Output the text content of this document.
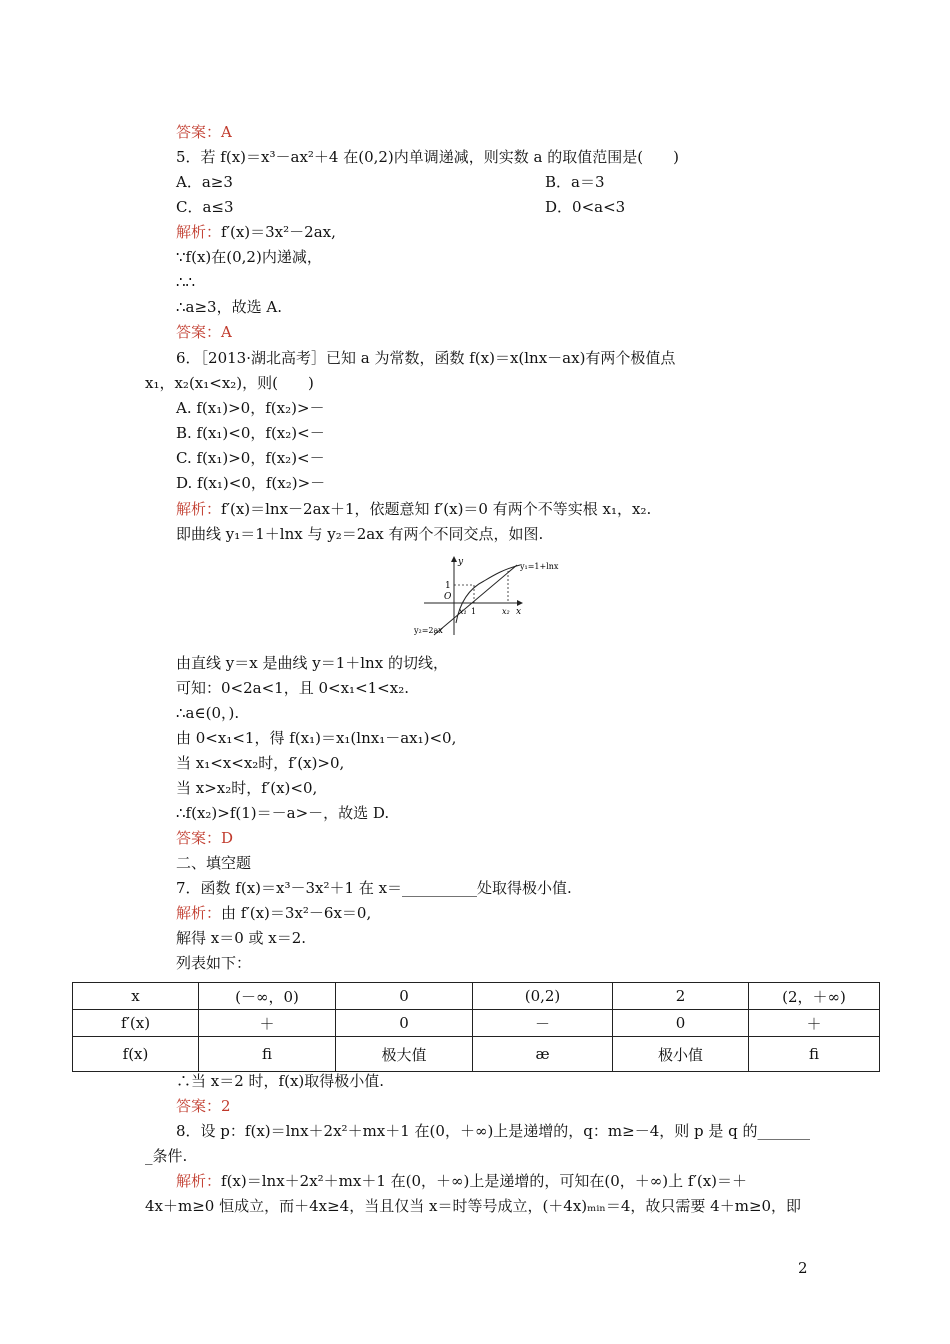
答案：A
5．若 f(x)＝x³－ax²＋4 在(0,2)内单调递减，则实数 a 的取值范围是(　　)
A．a≥3	B．a＝3
C．a≤3	D．0<a<3
解析：f′(x)＝3x²－2ax,
∵f(x)在(0,2)内递减，
∴∴
∴a≥3，故选 A.
答案：A
6．［2013·湖北高考］已知 a 为常数，函数 f(x)＝x(lnx－ax)有两个极值点
x₁，x₂(x₁<x₂)，则(　　)
A. f(x₁)>0，f(x₂)>－
B. f(x₁)<0，f(x₂)<－
C. f(x₁)>0，f(x₂)<－
D. f(x₁)<0，f(x₂)>－
解析：f′(x)＝lnx－2ax＋1，依题意知 f′(x)＝0 有两个不等实根 x₁，x₂.
即曲线 y₁＝1＋lnx 与 y₂＝2ax 有两个不同交点，如图.
y
x
O
1
x₁ 1	x₂
y₁=1+lnx
y₂=2ax
由直线 y＝x 是曲线 y＝1＋lnx 的切线，
可知：0<2a<1，且 0<x₁<1<x₂.
∴a∈(0，).
由 0<x₁<1，得 f(x₁)＝x₁(lnx₁－ax₁)<0,
当 x₁<x<x₂时，f′(x)>0,
当 x>x₂时，f′(x)<0,
∴f(x₂)>f(1)＝－a>－，故选 D.
答案：D
二、填空题
7．函数 f(x)＝x³－3x²＋1 在 x＝__________处取得极小值.
解析：由 f′(x)＝3x²－6x＝0,
解得 x＝0 或 x＝2.
列表如下：
x	(－∞，0)	0	(0,2)	2	(2，＋∞)
f′(x)	＋	0	－	0	＋
f(x)	ﬁ	极大值	æ	极小值	ﬁ
∴当 x＝2 时，f(x)取得极小值.
答案：2
8．设 p：f(x)＝lnx＋2x²＋mx＋1 在(0，＋∞)上是递增的，q：m≥－4，则 p 是 q 的_______
_条件.
解析：f(x)＝lnx＋2x²＋mx＋1 在(0，＋∞)上是递增的，可知在(0，＋∞)上 f′(x)＝＋
4x＋m≥0 恒成立，而＋4x≥4，当且仅当 x＝时等号成立，(＋4x)ₘᵢₙ＝4，故只需要 4＋m≥0，即
2
